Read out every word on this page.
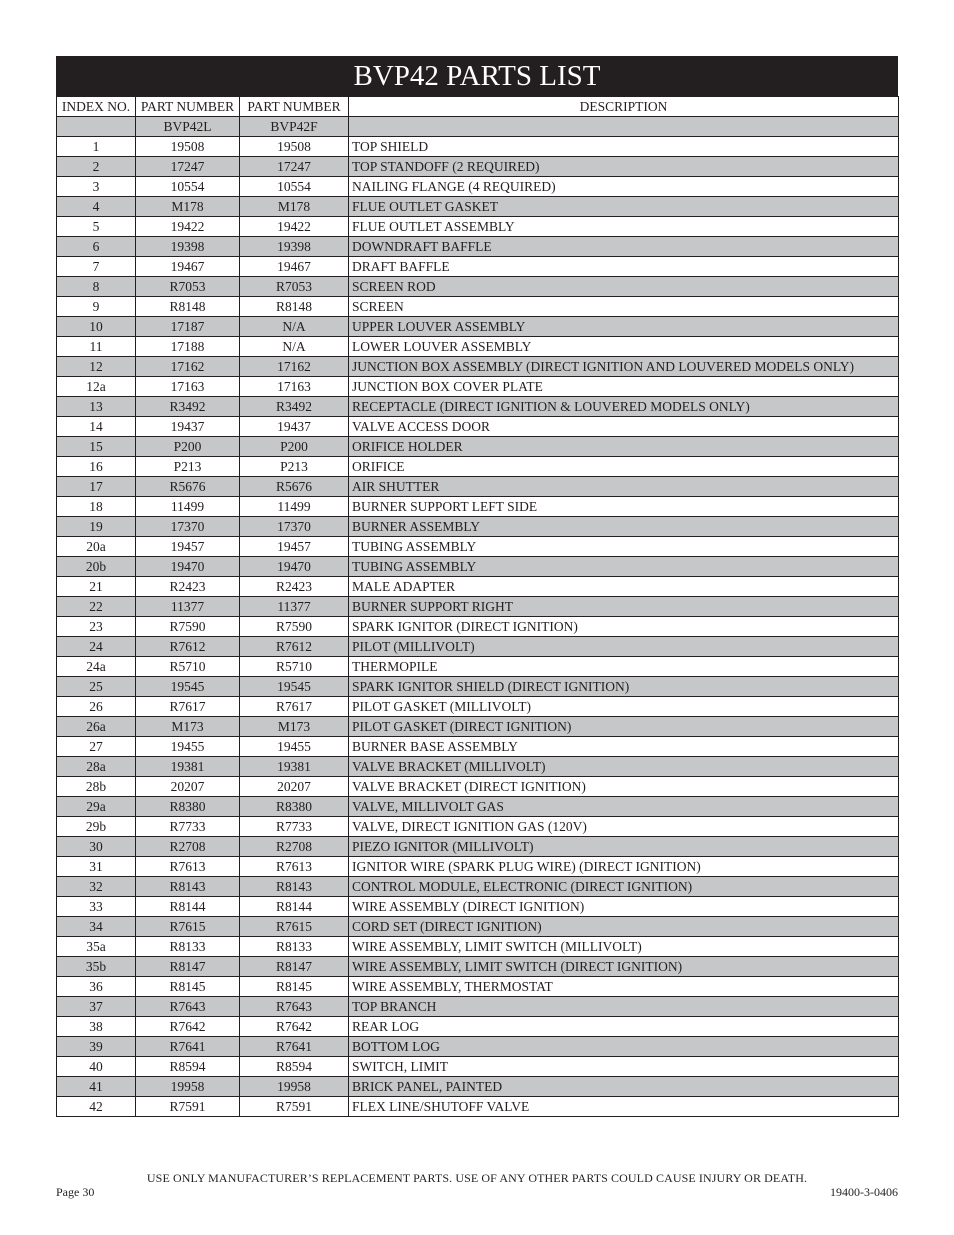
BVP42 PARTS LIST
INDEX NO.	PART NUMBER	PART NUMBER	DESCRIPTION
	BVP42L	BVP42F	
1	19508	19508	TOP SHIELD
2	17247	17247	TOP STANDOFF (2 REQUIRED)
3	10554	10554	NAILING FLANGE (4 REQUIRED)
4	M178	M178	FLUE OUTLET GASKET
5	19422	19422	FLUE OUTLET ASSEMBLY
6	19398	19398	DOWNDRAFT BAFFLE
7	19467	19467	DRAFT BAFFLE
8	R7053	R7053	SCREEN ROD
9	R8148	R8148	SCREEN
10	17187	N/A	UPPER LOUVER ASSEMBLY
11	17188	N/A	LOWER LOUVER ASSEMBLY
12	17162	17162	JUNCTION BOX ASSEMBLY (DIRECT IGNITION AND LOUVERED MODELS ONLY)
12a	17163	17163	JUNCTION BOX COVER PLATE
13	R3492	R3492	RECEPTACLE (DIRECT IGNITION & LOUVERED MODELS ONLY)
14	19437	19437	VALVE ACCESS DOOR
15	P200	P200	ORIFICE HOLDER
16	P213	P213	ORIFICE
17	R5676	R5676	AIR SHUTTER
18	11499	11499	BURNER SUPPORT LEFT SIDE
19	17370	17370	BURNER ASSEMBLY
20a	19457	19457	TUBING ASSEMBLY
20b	19470	19470	TUBING ASSEMBLY
21	R2423	R2423	MALE ADAPTER
22	11377	11377	BURNER SUPPORT RIGHT
23	R7590	R7590	SPARK IGNITOR (DIRECT IGNITION)
24	R7612	R7612	PILOT (MILLIVOLT)
24a	R5710	R5710	THERMOPILE
25	19545	19545	SPARK IGNITOR SHIELD (DIRECT IGNITION)
26	R7617	R7617	PILOT GASKET (MILLIVOLT)
26a	M173	M173	PILOT GASKET (DIRECT IGNITION)
27	19455	19455	BURNER BASE ASSEMBLY
28a	19381	19381	VALVE BRACKET (MILLIVOLT)
28b	20207	20207	VALVE BRACKET (DIRECT IGNITION)
29a	R8380	R8380	VALVE, MILLIVOLT GAS
29b	R7733	R7733	VALVE, DIRECT IGNITION GAS (120V)
30	R2708	R2708	PIEZO IGNITOR (MILLIVOLT)
31	R7613	R7613	IGNITOR WIRE (SPARK PLUG WIRE) (DIRECT IGNITION)
32	R8143	R8143	CONTROL MODULE, ELECTRONIC (DIRECT IGNITION)
33	R8144	R8144	WIRE ASSEMBLY (DIRECT IGNITION)
34	R7615	R7615	CORD SET (DIRECT IGNITION)
35a	R8133	R8133	WIRE ASSEMBLY, LIMIT SWITCH (MILLIVOLT)
35b	R8147	R8147	WIRE ASSEMBLY, LIMIT SWITCH (DIRECT IGNITION)
36	R8145	R8145	WIRE ASSEMBLY, THERMOSTAT
37	R7643	R7643	TOP BRANCH
38	R7642	R7642	REAR LOG
39	R7641	R7641	BOTTOM LOG
40	R8594	R8594	SWITCH, LIMIT
41	19958	19958	BRICK PANEL, PAINTED
42	R7591	R7591	FLEX LINE/SHUTOFF VALVE
USE ONLY MANUFACTURER’S REPLACEMENT PARTS. USE OF ANY OTHER PARTS COULD CAUSE INJURY OR DEATH.
Page 30	19400-3-0406
